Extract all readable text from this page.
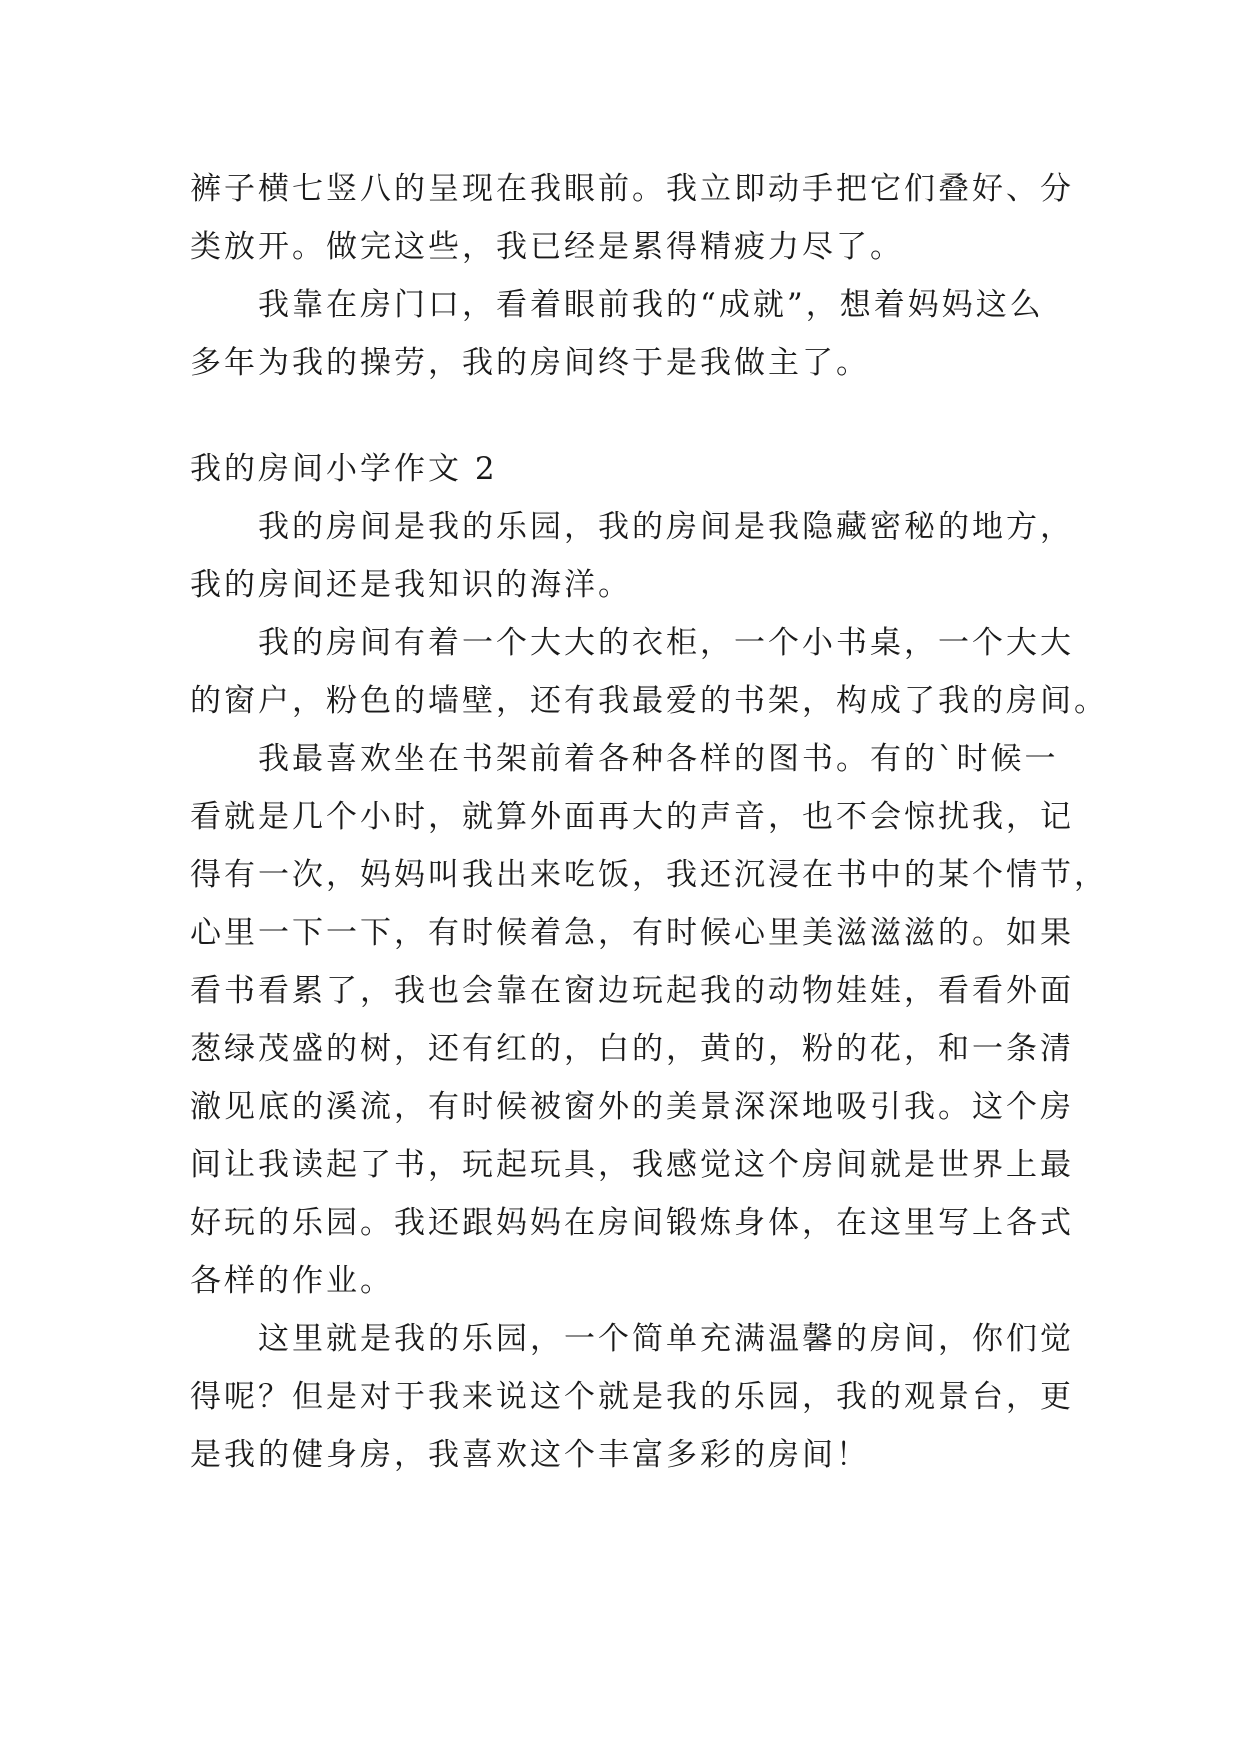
裤子横七竖八的呈现在我眼前。我立即动手把它们叠好、分
类放开。做完这些，我已经是累得精疲力尽了。

我靠在房门口，看着眼前我的“成就”，想着妈妈这么
多年为我的操劳，我的房间终于是我做主了。

我的房间小学作文 2

我的房间是我的乐园，我的房间是我隐藏密秘的地方，
我的房间还是我知识的海洋。

我的房间有着一个大大的衣柜，一个小书桌，一个大大
的窗户，粉色的墙壁，还有我最爱的书架，构成了我的房间。

我最喜欢坐在书架前着各种各样的图书。有的`时候一
看就是几个小时，就算外面再大的声音，也不会惊扰我，记
得有一次，妈妈叫我出来吃饭，我还沉浸在书中的某个情节，
心里一下一下，有时候着急，有时候心里美滋滋滋的。如果
看书看累了，我也会靠在窗边玩起我的动物娃娃，看看外面
葱绿茂盛的树，还有红的，白的，黄的，粉的花，和一条清
澈见底的溪流，有时候被窗外的美景深深地吸引我。这个房
间让我读起了书，玩起玩具，我感觉这个房间就是世界上最
好玩的乐园。我还跟妈妈在房间锻炼身体，在这里写上各式
各样的作业。

这里就是我的乐园，一个简单充满温馨的房间，你们觉
得呢？但是对于我来说这个就是我的乐园，我的观景台，更
是我的健身房，我喜欢这个丰富多彩的房间！
